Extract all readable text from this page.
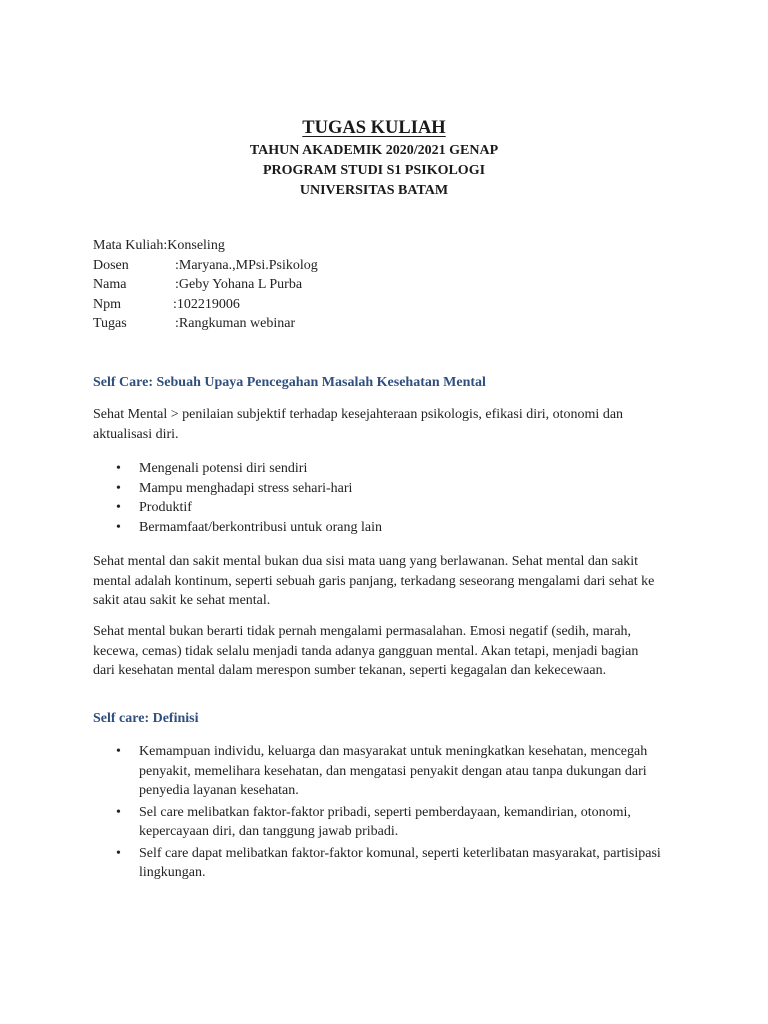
TUGAS KULIAH
TAHUN AKADEMIK 2020/2021 GENAP
PROGRAM STUDI S1 PSIKOLOGI
UNIVERSITAS BATAM
Mata Kuliah : Konseling
Dosen	: Maryana.,MPsi.Psikolog
Nama	: Geby Yohana L Purba
Npm	: 102219006
Tugas	: Rangkuman webinar
Self Care: Sebuah Upaya Pencegahan Masalah Kesehatan Mental

Sehat Mental > penilaian subjektif terhadap kesejahteraan psikologis, efikasi diri, otonomi dan aktualisasi diri.

• Mengenali potensi diri sendiri
• Mampu menghadapi stress sehari-hari
• Produktif
• Bermamfaat/berkontribusi untuk orang lain

Sehat mental dan sakit mental bukan dua sisi mata uang yang berlawanan. Sehat mental dan sakit mental adalah kontinum, seperti sebuah garis panjang, terkadang seseorang mengalami dari sehat ke sakit atau sakit ke sehat mental.

Sehat mental bukan berarti tidak pernah mengalami permasalahan. Emosi negatif (sedih, marah, kecewa, cemas) tidak selalu menjadi tanda adanya gangguan mental. Akan tetapi, menjadi bagian dari kesehatan mental dalam merespon sumber tekanan, seperti kegagalan dan kekecewaan.

Self care: Definisi
• Kemampuan individu, keluarga dan masyarakat untuk meningkatkan kesehatan, mencegah penyakit, memelihara kesehatan, dan mengatasi penyakit dengan atau tanpa dukungan dari penyedia layanan kesehatan.
• Sel care melibatkan faktor-faktor pribadi, seperti pemberdayaan, kemandirian, otonomi, kepercayaan diri, dan tanggung jawab pribadi.
• Self care dapat melibatkan faktor-faktor komunal, seperti keterlibatan masyarakat, partisipasi lingkungan.
